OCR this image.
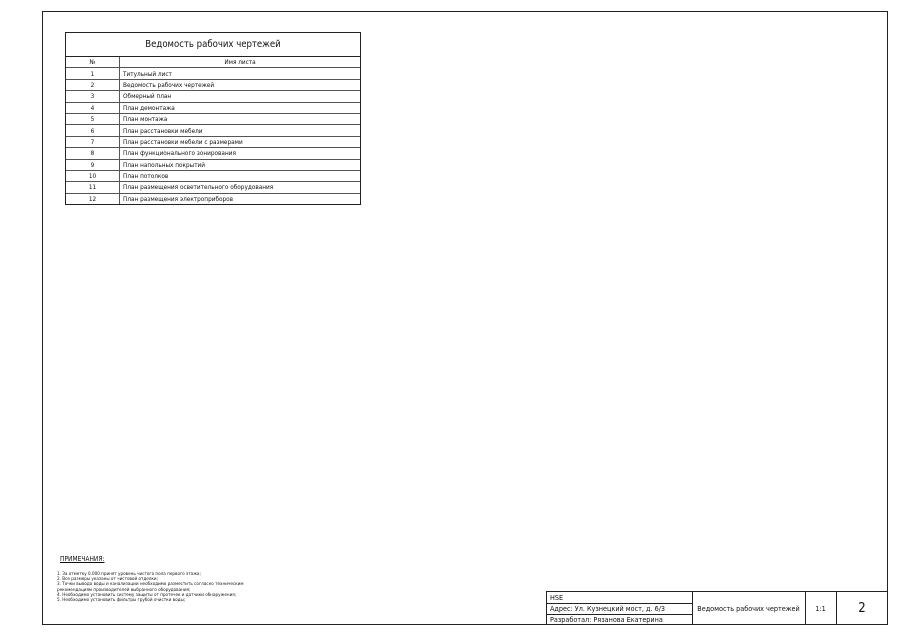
Ведомость рабочих чертежей
№	Имя листа
1	Титульный лист
2	Ведомость рабочих чертежей
3	Обмерный план
4	План демонтажа
5	План монтажа
6	План расстановки мебели
7	План расстановки мебели с размерами
8	План функционального зонирования
9	План напольных покрытий
10	План потолков
11	План размещения осветительного оборудования
12	План размещения электроприборов
ПРИМЕЧАНИЯ:
1. За отметку 0.000 принят уровень чистого пола первого этажа;
2. Все размеры указаны от чистовой отделки;
3. Точки вывода воды и канализации необходимо разместить согласно техническим
рекомендациям производителей выбранного оборудования;
4. Необходимо установить систему защиты от протечек и датчики обнаружения;
5. Необходимо установить фильтры грубой очистки воды;	HSE
Адрес: Ул. Кузнецкий мост, д. 6/3
Разработал: Рязанова Екатерина
Ведомость рабочих чертежей	1:1	2
